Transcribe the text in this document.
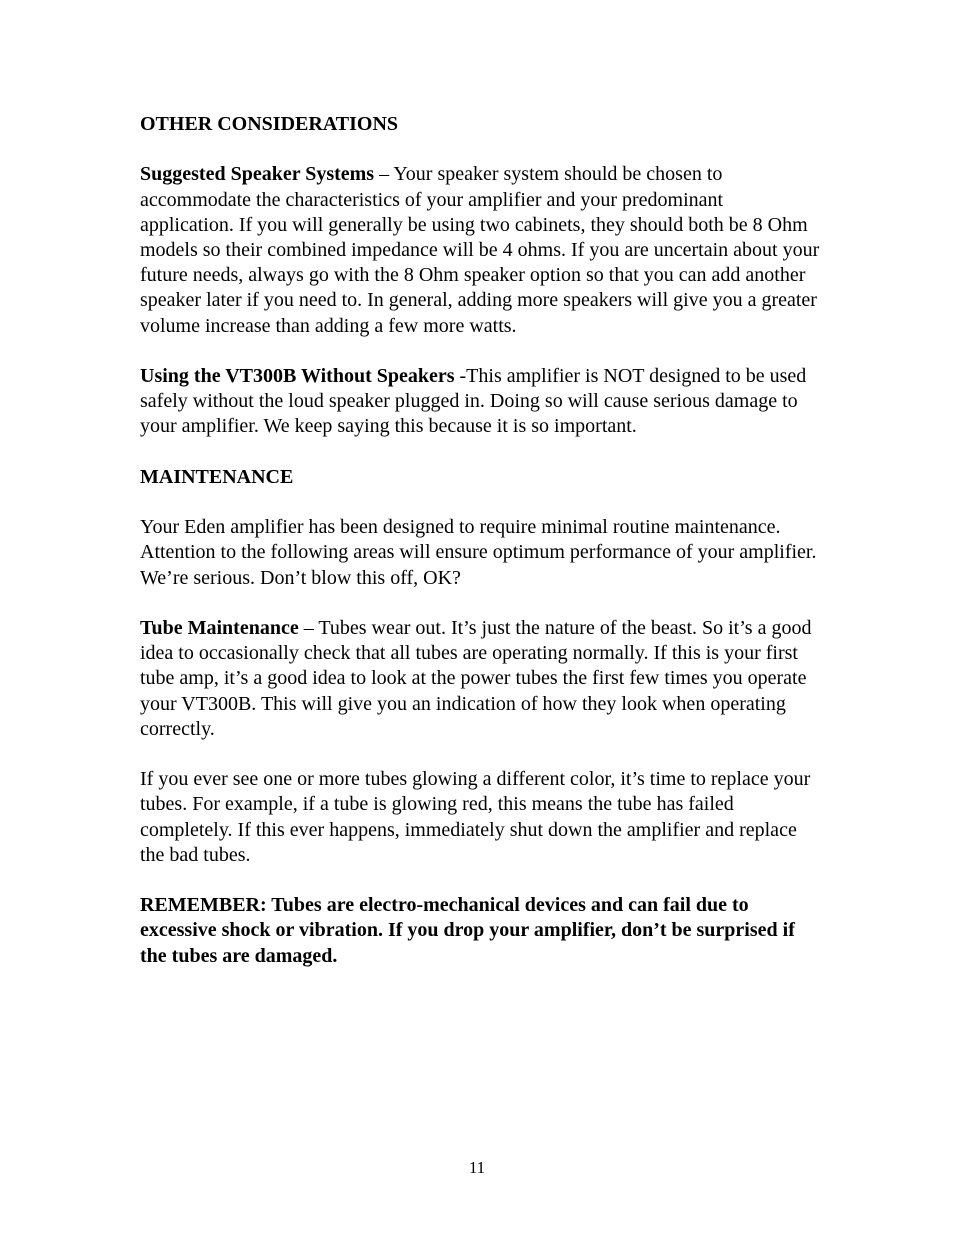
OTHER CONSIDERATIONS
Suggested Speaker Systems – Your speaker system should be chosen to accommodate the characteristics of your amplifier and your predominant application. If you will generally be using two cabinets, they should both be 8 Ohm models so their combined impedance will be 4 ohms. If you are uncertain about your future needs, always go with the 8 Ohm speaker option so that you can add another speaker later if you need to. In general, adding more speakers will give you a greater volume increase than adding a few more watts.
Using the VT300B Without Speakers -This amplifier is NOT designed to be used safely without the loud speaker plugged in. Doing so will cause serious damage to your amplifier. We keep saying this because it is so important.
MAINTENANCE
Your Eden amplifier has been designed to require minimal routine maintenance. Attention to the following areas will ensure optimum performance of your amplifier. We’re serious. Don’t blow this off, OK?
Tube Maintenance – Tubes wear out. It’s just the nature of the beast. So it’s a good idea to occasionally check that all tubes are operating normally. If this is your first tube amp, it’s a good idea to look at the power tubes the first few times you operate your VT300B. This will give you an indication of how they look when operating correctly.
If you ever see one or more tubes glowing a different color, it’s time to replace your tubes. For example, if a tube is glowing red, this means the tube has failed completely. If this ever happens, immediately shut down the amplifier and replace the bad tubes.
REMEMBER: Tubes are electro-mechanical devices and can fail due to excessive shock or vibration. If you drop your amplifier, don’t be surprised if the tubes are damaged.
11
